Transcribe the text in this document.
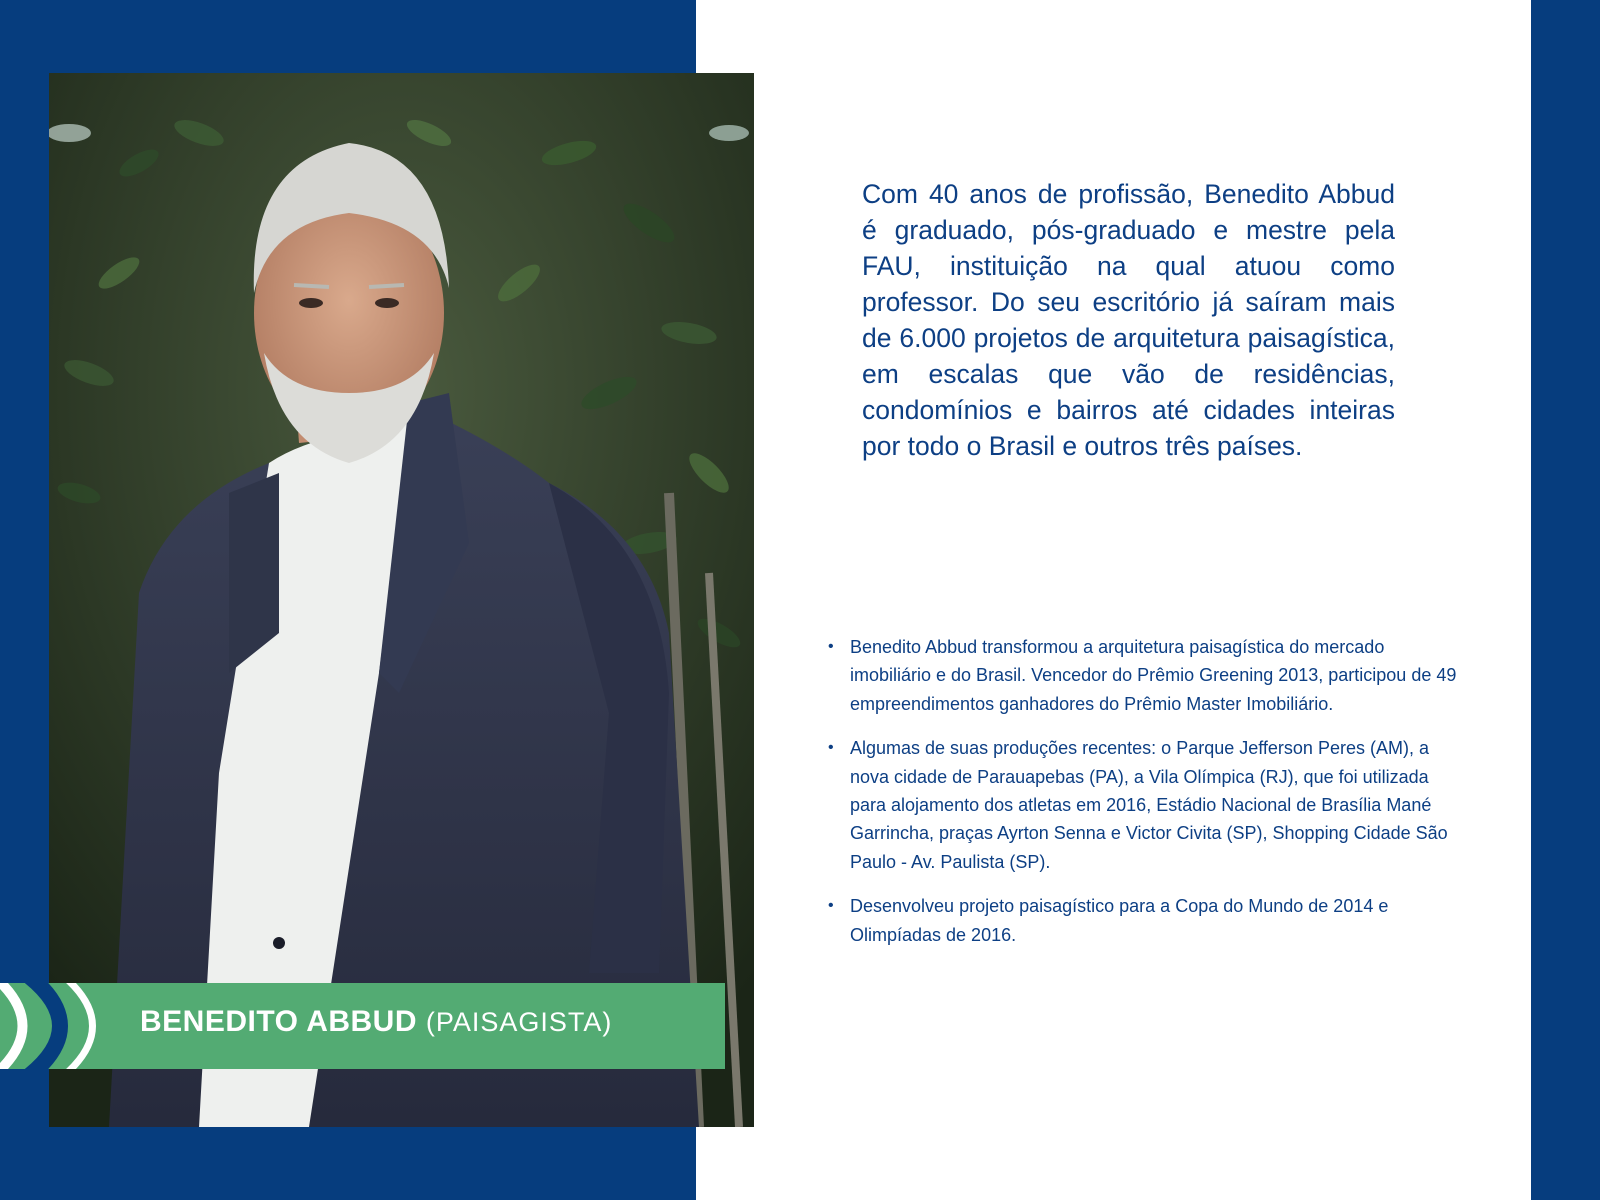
BENEDITO ABBUD (PAISAGISTA)
Com 40 anos de profissão, Benedito Abbud é graduado, pós-graduado e mestre pela FAU, instituição na qual atuou como professor. Do seu escritório já saíram mais de 6.000 projetos de arquitetura paisagística, em escalas que vão de residências, condomínios e bairros até cidades inteiras por todo o Brasil e outros três países.
• Benedito Abbud transformou a arquitetura paisagística do mercado imobiliário e do Brasil. Vencedor do Prêmio Greening 2013, participou de 49 empreendimentos ganhadores do Prêmio Master Imobiliário.
• Algumas de suas produções recentes: o Parque Jefferson Peres (AM), a nova cidade de Parauapebas (PA), a Vila Olímpica (RJ), que foi utilizada para alojamento dos atletas em 2016, Estádio Nacional de Brasília Mané Garrincha, praças Ayrton Senna e Victor Civita (SP), Shopping Cidade São Paulo - Av. Paulista (SP).
• Desenvolveu projeto paisagístico para a Copa do Mundo de 2014 e Olimpíadas de 2016.
